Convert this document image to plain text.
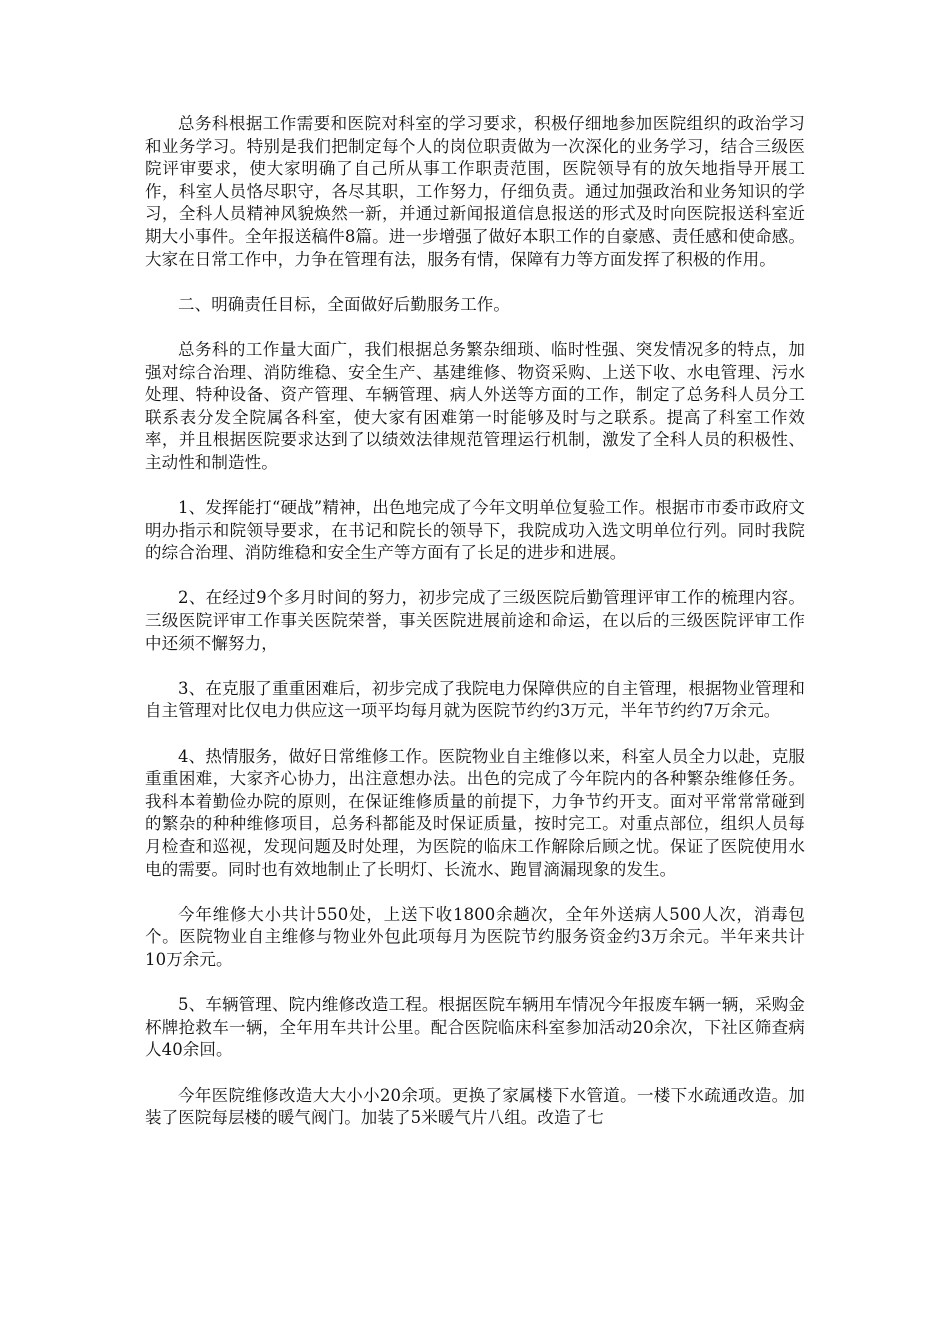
总务科根据工作需要和医院对科室的学习要求，积极仔细地参加医院组织的政治学习和业务学习。特别是我们把制定每个人的岗位职责做为一次深化的业务学习，结合三级医院评审要求，使大家明确了自己所从事工作职责范围，医院领导有的放矢地指导开展工作，科室人员恪尽职守，各尽其职，工作努力，仔细负责。通过加强政治和业务知识的学习，全科人员精神风貌焕然一新，并通过新闻报道信息报送的形式及时向医院报送科室近期大小事件。全年报送稿件8篇。进一步增强了做好本职工作的自豪感、责任感和使命感。大家在日常工作中，力争在管理有法，服务有情，保障有力等方面发挥了积极的作用。

二、明确责任目标，全面做好后勤服务工作。

总务科的工作量大面广，我们根据总务繁杂细琐、临时性强、突发情况多的特点，加强对综合治理、消防维稳、安全生产、基建维修、物资采购、上送下收、水电管理、污水处理、特种设备、资产管理、车辆管理、病人外送等方面的工作，制定了总务科人员分工联系表分发全院属各科室，使大家有困难第一时能够及时与之联系。提高了科室工作效率，并且根据医院要求达到了以绩效法律规范管理运行机制，激发了全科人员的积极性、主动性和制造性。

1、发挥能打“硬战”精神，出色地完成了今年文明单位复验工作。根据市市委市政府文明办指示和院领导要求，在书记和院长的领导下，我院成功入选文明单位行列。同时我院的综合治理、消防维稳和安全生产等方面有了长足的进步和进展。

2、在经过9个多月时间的努力，初步完成了三级医院后勤管理评审工作的梳理内容。三级医院评审工作事关医院荣誉，事关医院进展前途和命运，在以后的三级医院评审工作中还须不懈努力，

3、在克服了重重困难后，初步完成了我院电力保障供应的自主管理，根据物业管理和自主管理对比仅电力供应这一项平均每月就为医院节约约3万元，半年节约约7万余元。

4、热情服务，做好日常维修工作。医院物业自主维修以来，科室人员全力以赴，克服重重困难，大家齐心协力，出注意想办法。出色的完成了今年院内的各种繁杂维修任务。我科本着勤俭办院的原则，在保证维修质量的前提下，力争节约开支。面对平常常常碰到的繁杂的种种维修项目，总务科都能及时保证质量，按时完工。对重点部位，组织人员每月检查和巡视，发现问题及时处理，为医院的临床工作解除后顾之忧。保证了医院使用水电的需要。同时也有效地制止了长明灯、长流水、跑冒滴漏现象的发生。

今年维修大小共计550处，上送下收1800余趟次，全年外送病人500人次，消毒包个。医院物业自主维修与物业外包此项每月为医院节约服务资金约3万余元。半年来共计10万余元。

5、车辆管理、院内维修改造工程。根据医院车辆用车情况今年报废车辆一辆，采购金杯牌抢救车一辆，全年用车共计公里。配合医院临床科室参加活动20余次，下社区筛查病人40余回。

今年医院维修改造大大小小20余项。更换了家属楼下水管道。一楼下水疏通改造。加装了医院每层楼的暖气阀门。加装了5米暖气片八组。改造了七
